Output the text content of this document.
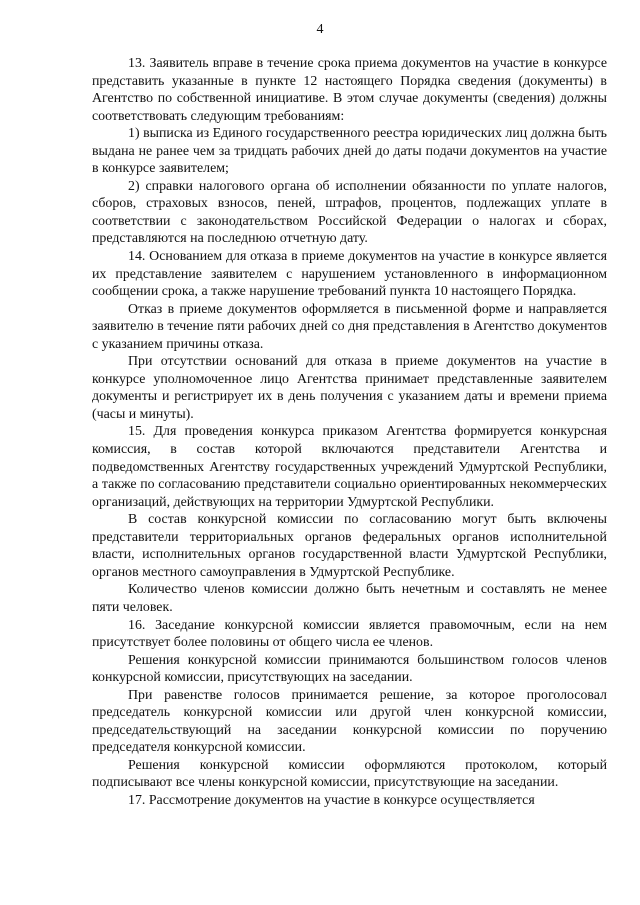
4

13. Заявитель вправе в течение срока приема документов на участие в конкурсе представить указанные в пункте 12 настоящего Порядка сведения (документы) в Агентство по собственной инициативе. В этом случае документы (сведения) должны соответствовать следующим требованиям:

1) выписка из Единого государственного реестра юридических лиц должна быть выдана не ранее чем за тридцать рабочих дней до даты подачи документов на участие в конкурсе заявителем;

2) справки налогового органа об исполнении обязанности по уплате налогов, сборов, страховых взносов, пеней, штрафов, процентов, подлежащих уплате в соответствии с законодательством Российской Федерации о налогах и сборах, представляются на последнюю отчетную дату.

14. Основанием для отказа в приеме документов на участие в конкурсе является их представление заявителем с нарушением установленного в информационном сообщении срока, а также нарушение требований пункта 10 настоящего Порядка.

Отказ в приеме документов оформляется в письменной форме и направляется заявителю в течение пяти рабочих дней со дня представления в Агентство документов с указанием причины отказа.

При отсутствии оснований для отказа в приеме документов на участие в конкурсе уполномоченное лицо Агентства принимает представленные заявителем документы и регистрирует их в день получения с указанием даты и времени приема (часы и минуты).

15. Для проведения конкурса приказом Агентства формируется конкурсная комиссия, в состав которой включаются представители Агентства и подведомственных Агентству государственных учреждений Удмуртской Республики, а также по согласованию представители социально ориентированных некоммерческих организаций, действующих на территории Удмуртской Республики.

В состав конкурсной комиссии по согласованию могут быть включены представители территориальных органов федеральных органов исполнительной власти, исполнительных органов государственной власти Удмуртской Республики, органов местного самоуправления в Удмуртской Республике.

Количество членов комиссии должно быть нечетным и составлять не менее пяти человек.

16. Заседание конкурсной комиссии является правомочным, если на нем присутствует более половины от общего числа ее членов.

Решения конкурсной комиссии принимаются большинством голосов членов конкурсной комиссии, присутствующих на заседании.

При равенстве голосов принимается решение, за которое проголосовал председатель конкурсной комиссии или другой член конкурсной комиссии, председательствующий на заседании конкурсной комиссии по поручению председателя конкурсной комиссии.

Решения конкурсной комиссии оформляются протоколом, который подписывают все члены конкурсной комиссии, присутствующие на заседании.

17. Рассмотрение документов на участие в конкурсе осуществляется
